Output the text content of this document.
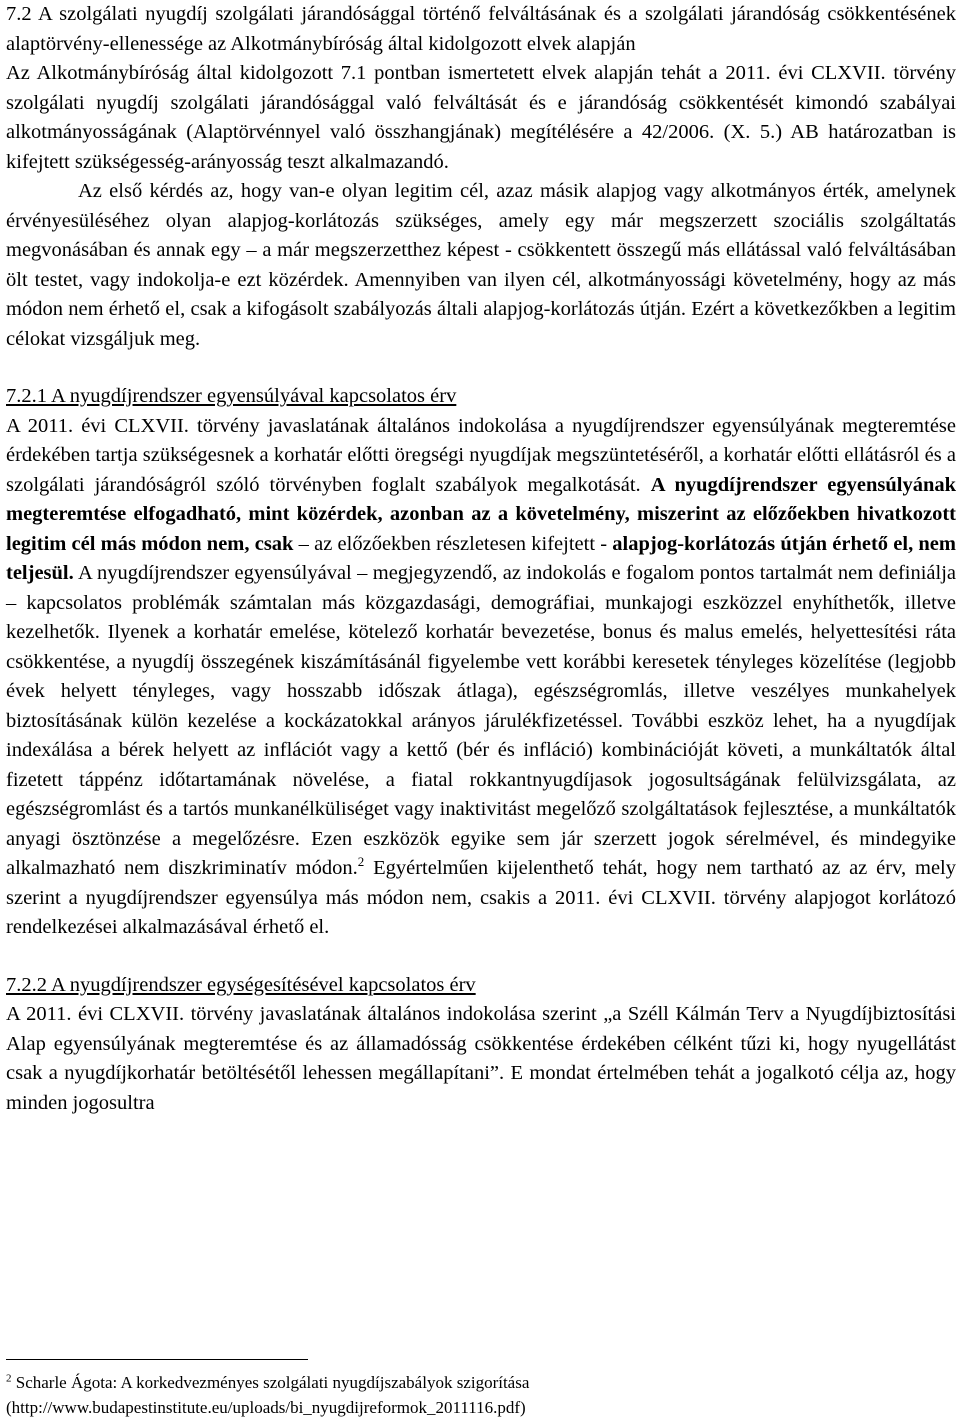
7.2 A szolgálati nyugdíj szolgálati járandósággal történő felváltásának és a szolgálati járandóság csökkentésének alaptörvény-ellenessége az Alkotmánybíróság által kidolgozott elvek alapján

Az Alkotmánybíróság által kidolgozott 7.1 pontban ismertetett elvek alapján tehát a 2011. évi CLXVII. törvény szolgálati nyugdíj szolgálati járandósággal való felváltását és e járandóság csökkentését kimondó szabályai alkotmányosságának (Alaptörvénnyel való összhangjának) megítélésére a 42/2006. (X. 5.) AB határozatban is kifejtett szükségesség-arányosság teszt alkalmazandó.

Az első kérdés az, hogy van-e olyan legitim cél, azaz másik alapjog vagy alkotmányos érték, amelynek érvényesüléséhez olyan alapjog-korlátozás szükséges, amely egy már megszerzett szociális szolgáltatás megvonásában és annak egy – a már megszerzetthez képest - csökkentett összegű más ellátással való felváltásában ölt testet, vagy indokolja-e ezt közérdek. Amennyiben van ilyen cél, alkotmányossági követelmény, hogy az más módon nem érhető el, csak a kifogásolt szabályozás általi alapjog-korlátozás útján. Ezért a következőkben a legitim célokat vizsgáljuk meg.

7.2.1 A nyugdíjrendszer egyensúlyával kapcsolatos érv

A 2011. évi CLXVII. törvény javaslatának általános indokolása a nyugdíjrendszer egyensúlyának megteremtése érdekében tartja szükségesnek a korhatár előtti öregségi nyugdíjak megszüntetéséről, a korhatár előtti ellátásról és a szolgálati járandóságról szóló törvényben foglalt szabályok megalkotását. A nyugdíjrendszer egyensúlyának megteremtése elfogadható, mint közérdek, azonban az a követelmény, miszerint az előzőekben hivatkozott legitim cél más módon nem, csak – az előzőekben részletesen kifejtett - alapjog-korlátozás útján érhető el, nem teljesül. A nyugdíjrendszer egyensúlyával – megjegyzendő, az indokolás e fogalom pontos tartalmát nem definiálja – kapcsolatos problémák számtalan más közgazdasági, demográfiai, munkajogi eszközzel enyhíthetők, illetve kezelhetők. Ilyenek a korhatár emelése, kötelező korhatár bevezetése, bonus és malus emelés, helyettesítési ráta csökkentése, a nyugdíj összegének kiszámításánál figyelembe vett korábbi keresetek tényleges közelítése (legjobb évek helyett tényleges, vagy hosszabb időszak átlaga), egészségromlás, illetve veszélyes munkahelyek biztosításának külön kezelése a kockázatokkal arányos járulékfizetéssel. További eszköz lehet, ha a nyugdíjak indexálása a bérek helyett az inflációt vagy a kettő (bér és infláció) kombinációját követi, a munkáltatók által fizetett táppénz időtartamának növelése, a fiatal rokkantnyugdíjasok jogosultságának felülvizsgálata, az egészségromlást és a tartós munkanélküliséget vagy inaktivitást megelőző szolgáltatások fejlesztése, a munkáltatók anyagi ösztönzése a megelőzésre. Ezen eszközök egyike sem jár szerzett jogok sérelmével, és mindegyike alkalmazható nem diszkriminatív módon.$^2$ Egyértelműen kijelenthető tehát, hogy nem tartható az az érv, mely szerint a nyugdíjrendszer egyensúlya más módon nem, csakis a 2011. évi CLXVII. törvény alapjogot korlátozó rendelkezései alkalmazásával érhető el.

7.2.2 A nyugdíjrendszer egységesítésével kapcsolatos érv

A 2011. évi CLXVII. törvény javaslatának általános indokolása szerint „a Széll Kálmán Terv a Nyugdíjbiztosítási Alap egyensúlyának megteremtése és az államadósság csökkentése érdekében célként tűzi ki, hogy nyugellátást csak a nyugdíjkorhatár betöltésétől lehessen megállapítani”. E mondat értelmében tehát a jogalkotó célja az, hogy minden jogosultra

$^2$ Scharle Ágota: A korkedvezményes szolgálati nyugdíjszabályok szigorítása
(http://www.budapestinstitute.eu/uploads/bi_nyugdijreformok_2011116.pdf)
